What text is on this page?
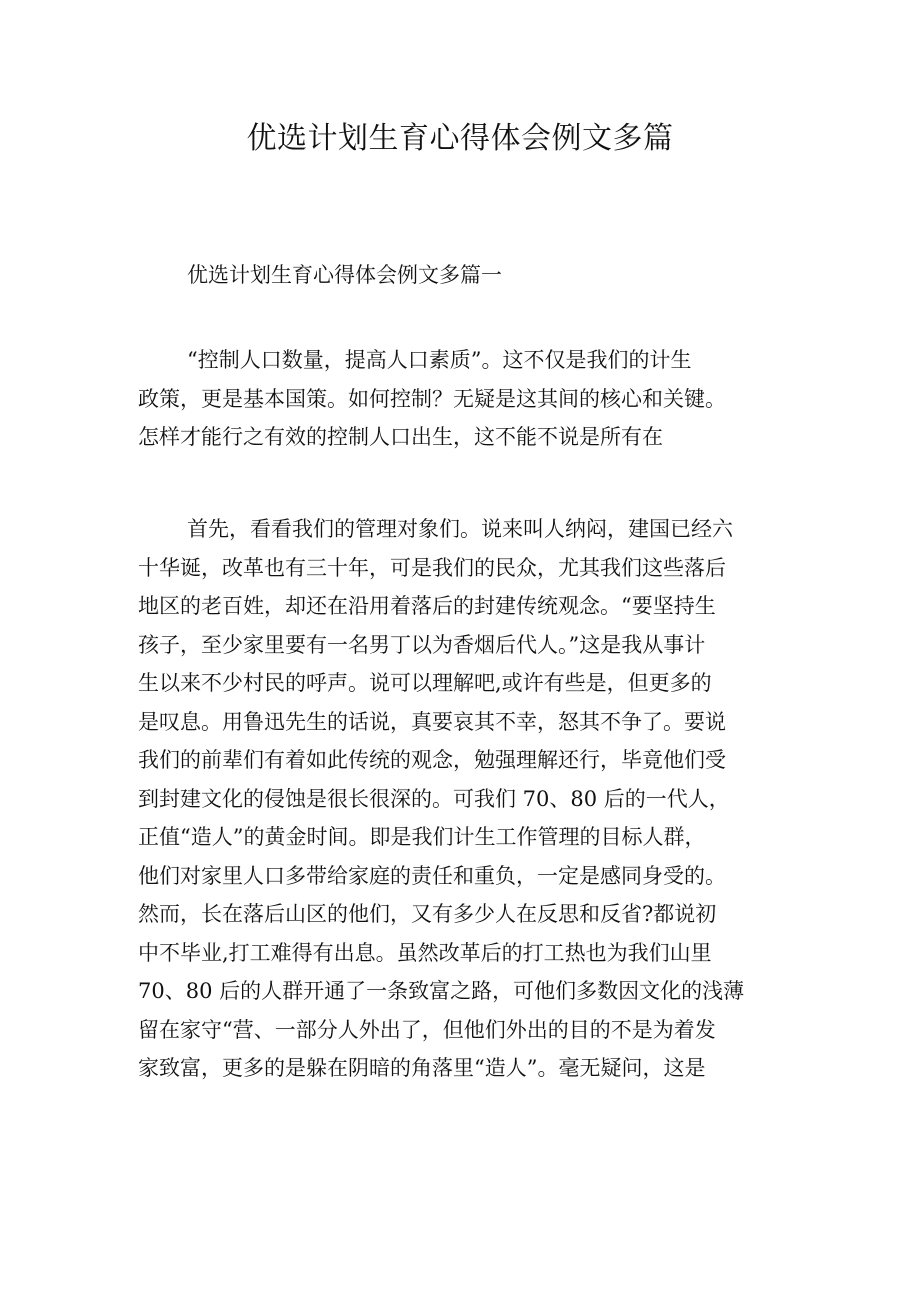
优选计划生育心得体会例文多篇
优选计划生育心得体会例文多篇一
“控制人口数量，提高人口素质”。这不仅是我们的计生
政策，更是基本国策。如何控制？无疑是这其间的核心和关键。
怎样才能行之有效的控制人口出生，这不能不说是所有在
首先，看看我们的管理对象们。说来叫人纳闷，建国已经六
十华诞，改革也有三十年，可是我们的民众，尤其我们这些落后
地区的老百姓，却还在沿用着落后的封建传统观念。“要坚持生
孩子，至少家里要有一名男丁以为香烟后代人。”这是我从事计
生以来不少村民的呼声。说可以理解吧,或许有些是，但更多的
是叹息。用鲁迅先生的话说，真要哀其不幸，怒其不争了。要说
我们的前辈们有着如此传统的观念，勉强理解还行，毕竟他们受
到封建文化的侵蚀是很长很深的。可我们 70、80 后的一代人，
正值“造人”的黄金时间。即是我们计生工作管理的目标人群，
他们对家里人口多带给家庭的责任和重负，一定是感同身受的。
然而，长在落后山区的他们，又有多少人在反思和反省?都说初
中不毕业,打工难得有出息。虽然改革后的打工热也为我们山里
70、80 后的人群开通了一条致富之路，可他们多数因文化的浅薄
留在家守“营、一部分人外出了，但他们外出的目的不是为着发
家致富，更多的是躲在阴暗的角落里“造人”。毫无疑问，这是
